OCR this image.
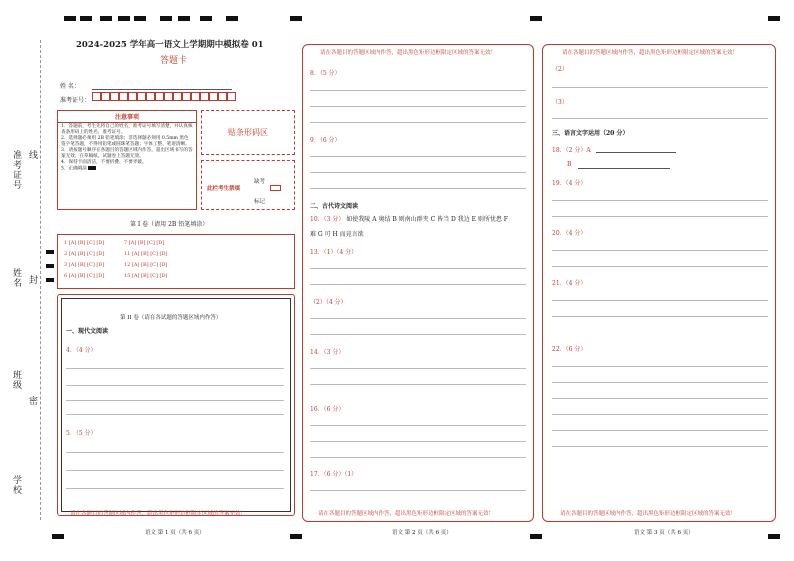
准考证号 线
姓名 封
班级
密
学校
2024-2025 学年高一语文上学期期中模拟卷 01
答题卡
姓 名：
准考证号：
注意事项
1．答题前，考生先将自己的姓名，准考证号填写清楚，并认真核查条形码上的姓名、准考证号。
2．选择题必须用 2B 铅笔填涂；非选择题必须用 0.5mm 黑色签字笔答题，不得用铅笔或圆珠笔答题；字体工整、笔迹清晰。
3．请按题号顺序在各题目的答题区域内作答，超出区域书写的答案无效；在草稿纸、试题卷上答题无效。
4．保持卡面清洁，不要折叠、不要弄破。
5．正确填涂
贴条形码区
此栏考生禁填
缺考
标记
第 I 卷（请用 2B 铅笔填涂）
1 [A] [B] [C] [D]
2 [A] [B] [C] [D]
3 [A] [B] [C] [D]
6 [A] [B] [C] [D]
7 [A] [B] [C] [D]
11 [A] [B] [C] [D]
12 [A] [B] [C] [D]
15 [A] [B] [C] [D]
第 II 卷（请在各试题的答题区域内作答）
一、现代文阅读
4．（4 分）
5．（5 分）
请在各题目的答题区域内作答，超出黑色矩形边框限定区域的答案无效！
语文 第 1 页（共 6 页）
请在各题目的答题区域内作答，超出黑色矩形边框限定区域的答案无效！
8．（5 分）
9．（6 分）
二、古代诗文阅读
10．（3 分） 如使我陵 A 奥结 B 则南山群夹 C 皆当 D 我边 E 则所忧患 F
难 G 可 H 而竟言欲
13．（1）（4 分）
（2）（4 分）
14．（3 分）
16．（6 分）
17．（6 分）（1）
请在各题目的答题区域内作答，超出黑色矩形边框限定区域的答案无效！
语文 第 2 页（共 6 页）
请在各题目的答题区域内作答，超出黑色矩形边框限定区域的答案无效！
（2）
（3）
三、语言文字运用（20 分）
18．（2 分）A
B
19．（4 分）
20．（4 分）
21．（4 分）
22．（6 分）
请在各题目的答题区域内作答，超出黑色矩形边框限定区域的答案无效！
语文 第 3 页（共 6 页）
